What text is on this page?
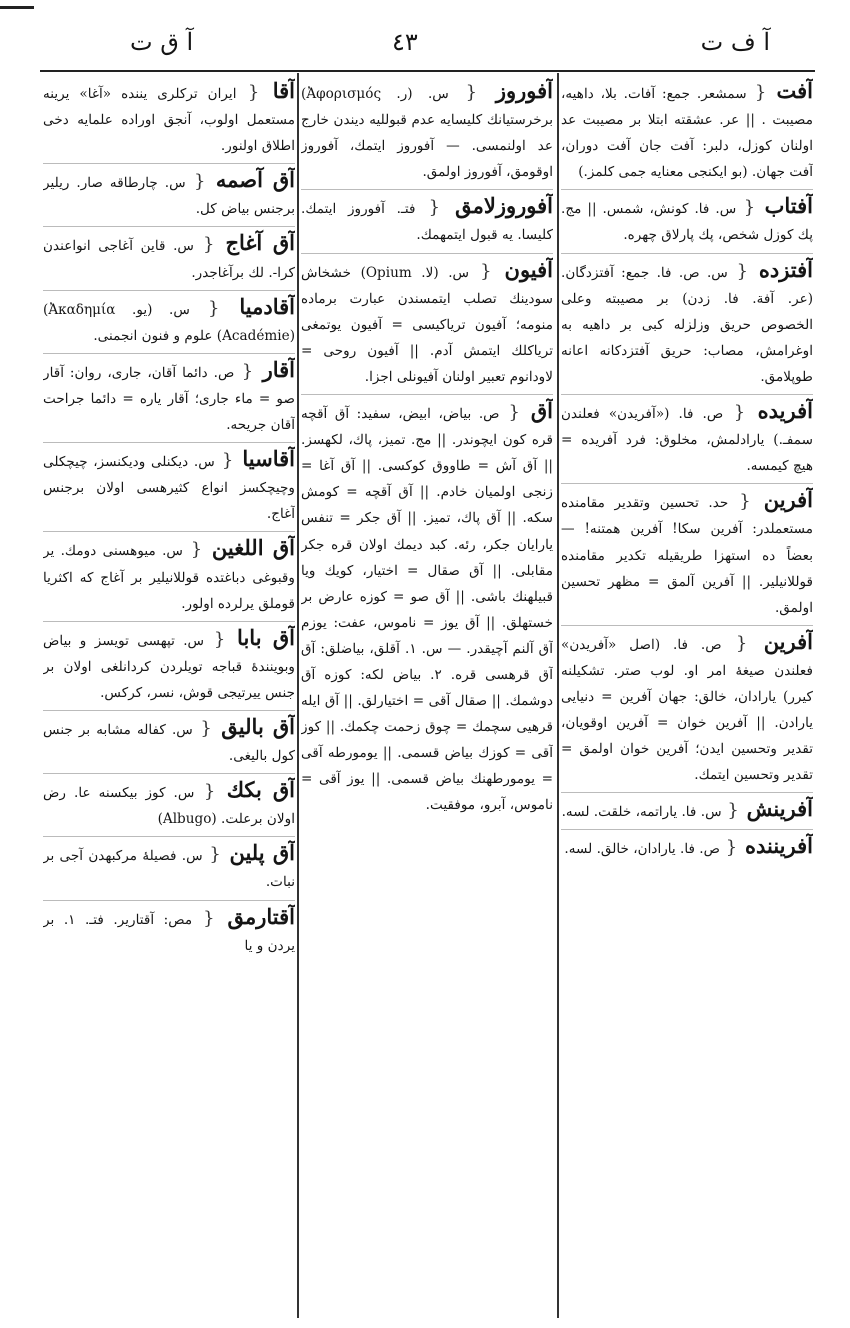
آ ف ت
٤٣
آ ق ت

آفت { سمشعر. جمع: آفات. بلا، داهیه، مصیبت . || عر. عشقته ابتلا بر مصیبت عد اولنان كوزل، دلبر: آفت جان آفت دوران، آفت جهان. (بو ایكنجی معنایه جمی كلمز.)

آفتاب { س. فا. كونش، شمس. || مج. پك كوزل شخص، پك پارلاق چهره.

آفتزده { س. ص. فا. جمع: آفتزدگان. (عر. آفة. فا. زدن) بر مصیبته وعلی الخصوص حریق وزلزله كبی بر داهیه به اوغرامش، مصاب: حریق آفتزدكانه اعانه طوپلامق.

آفریده { ص. فا. («آفریدن» فعلندن سمفـ.) یارادلمش، مخلوق: فرد آفریده = هیچ كیمسه.

آفرین { حد. تحسین وتقدیر مقامنده مستعملدر: آفرین سكا! آفرین همتنه! — بعضاً ده استهزا طریقیله تكدیر مقامنده قوللانیلیر. || آفرین آلمق = مظهر تحسین اولمق.

آفرین { ص. فا. (اصل «آفریدن» فعلندن صیغهٔ امر او. لوب صتر. تشكیلنه كیرر) یارادان، خالق: جهان آفرین = دنیایی یارادن. || آفرین خوان = آفرین اوقویان، تقدیر وتحسین ایدن؛ آفرین خوان اولمق = تقدیر وتحسین ایتمك.

آفرینش { س. فا. یاراتمه، خلقت. لسه.

آفریننده { ص. فا. یارادان، خالق. لسه.

آفوروز { س. (ر. Ἀφορισμός) برخرستیانك كلیسایه عدم قبوللیه دیندن خارج عد اولنمسی. — آفوروز ایتمك، آفوروز اوقومق، آفوروز اولمق.

آفوروزلامق { فتـ. آفوروز ایتمك. كلیسا. یه قبول ایتمهمك.

آفیون { س. (لا. Opium) خشخاش سودینك تصلب ایتمسندن عبارت برماده منومه؛ آفیون تریاكیسی = آفیون یوتمغی تریاكلك ایتمش آدم. || آفیون روحی = لاودانوم تعبیر اولنان آفیونلی اجزا.

آق { ص. بیاض، ابیض، سفید: آق آقچه قره كون ایچوندر. || مج. تمیز، پاك، لكهسز. || آق آش = طاووق كوكسی. || آق آغا = زنجی اولمیان خادم. || آق آقچه = كومش سكه. || آق پاك، تمیز. || آق جكر = تنفس یارایان جكر، رئه. كبد دیمك اولان قره جكر مقابلی. || آق صقال = اختیار، كویك ویا قبیلهنك باشی. || آق صو = كوزه عارض بر خستهلق. || آق یوز = ناموس، عفت: یوزم آق آلنم آچیقدر. — س. ۱. آقلق، بیاضلق: آق آق قرهسی قره. ۲. بیاض لكه: كوزه آق دوشمك. || صقال آقی = اختیارلق. || آق ایله قرهیی سچمك = چوق زحمت چكمك. || كوز آقی = كوزك بیاض قسمی. || یومورطه آقی = یومورطهنك بیاض قسمی. || یوز آقی = ناموس، آبرو، موفقیت.

آقا { ایران تركلری یننده «آغا» یرینه مستعمل اولوب، آنجق اوراده علمایه دخی اطلاق اولنور.

آق آصمه { س. چارطاقه صار. ریلیر برجنس بیاض كل.

آق آغاج { س. قاین آغاجی انواعندن كرا-. لك برآغاجدر.

آقادمیا { س. (یو. Ἀκαδημία) (Académie) علوم و فنون انجمنی.

آقار { ص. دائما آقان، جاری، روان: آقار صو = ماء جاری؛ آقار یاره = دائما جراحت آقان جریحه.

آقاسیا { س. دیكنلی ودیكنسز، چیچكلی وچیچكسز انواع كثیرهسی اولان برجنس آغاج.

آق اللغین { س. میوهسنی دومك. یر وقبوغی دباغتده قوللانیلیر بر آغاج كه اكثریا قوملق یرلرده اولور.

آق بابا { س. تپهسی تویسز و بیاض وبوینندهٔ قباجه تویلردن كردانلغی اولان بر جنس ییرتیجی قوش، نسر، كركس.

آق بالیق { س. كفاله مشابه بر جنس كول بالیغی.

آق بكك { س. كوز بیكسنه عا. رض اولان برعلت. (Albugo)

آق پلین { س. فصیلهٔ مركبهدن آجی بر نبات.

آقتارمق { مص: آقتاریر. فتـ. ۱. بر یردن و یا
